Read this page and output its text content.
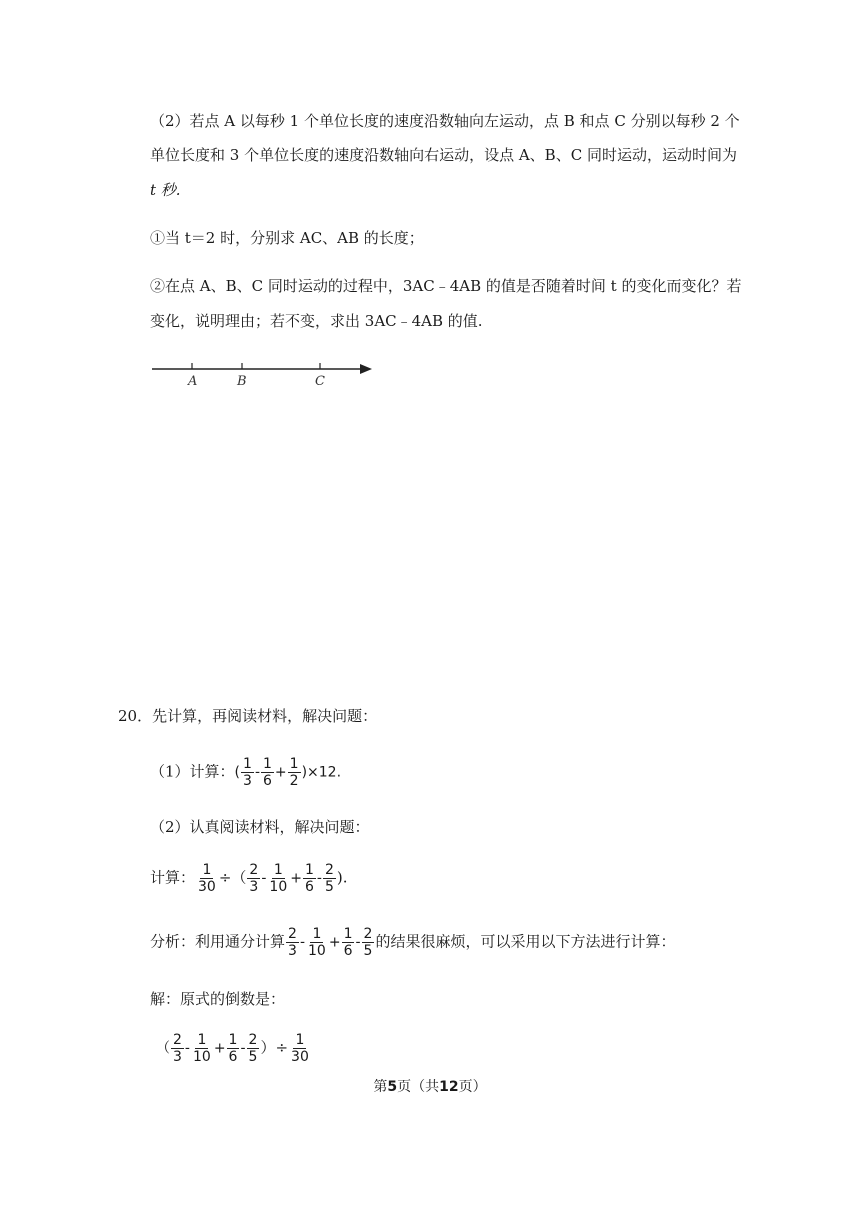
（2）若点 A 以每秒 1 个单位长度的速度沿数轴向左运动，点 B 和点 C 分别以每秒 2 个
单位长度和 3 个单位长度的速度沿数轴向右运动，设点 A、B、C 同时运动，运动时间为
t 秒.
①当 t＝2 时，分别求 AC、AB 的长度；
②在点 A、B、C 同时运动的过程中，3AC﹣4AB 的值是否随着时间 t 的变化而变化？若
变化，说明理由；若不变，求出 3AC﹣4AB 的值.
A	B	C
20．先计算，再阅读材料，解决问题：
（1）计算：( $\frac{1}{3} - \frac{1}{6} + \frac{1}{2} )\times 12$.
（2）认真阅读材料，解决问题：
计算： $\frac{1}{30}$ ÷（ $\frac{2}{3} - \frac{1}{10} + \frac{1}{6} - \frac{2}{5}$ ).
分析：利用通分计算 $\frac{2}{3} - \frac{1}{10} + \frac{1}{6} - \frac{2}{5}$ 的结果很麻烦，可以采用以下方法进行计算：
解：原式的倒数是：
（ $\frac{2}{3} - \frac{1}{10} + \frac{1}{6} - \frac{2}{5}$ ）÷ $\frac{1}{30}$
第5页（共12页）
